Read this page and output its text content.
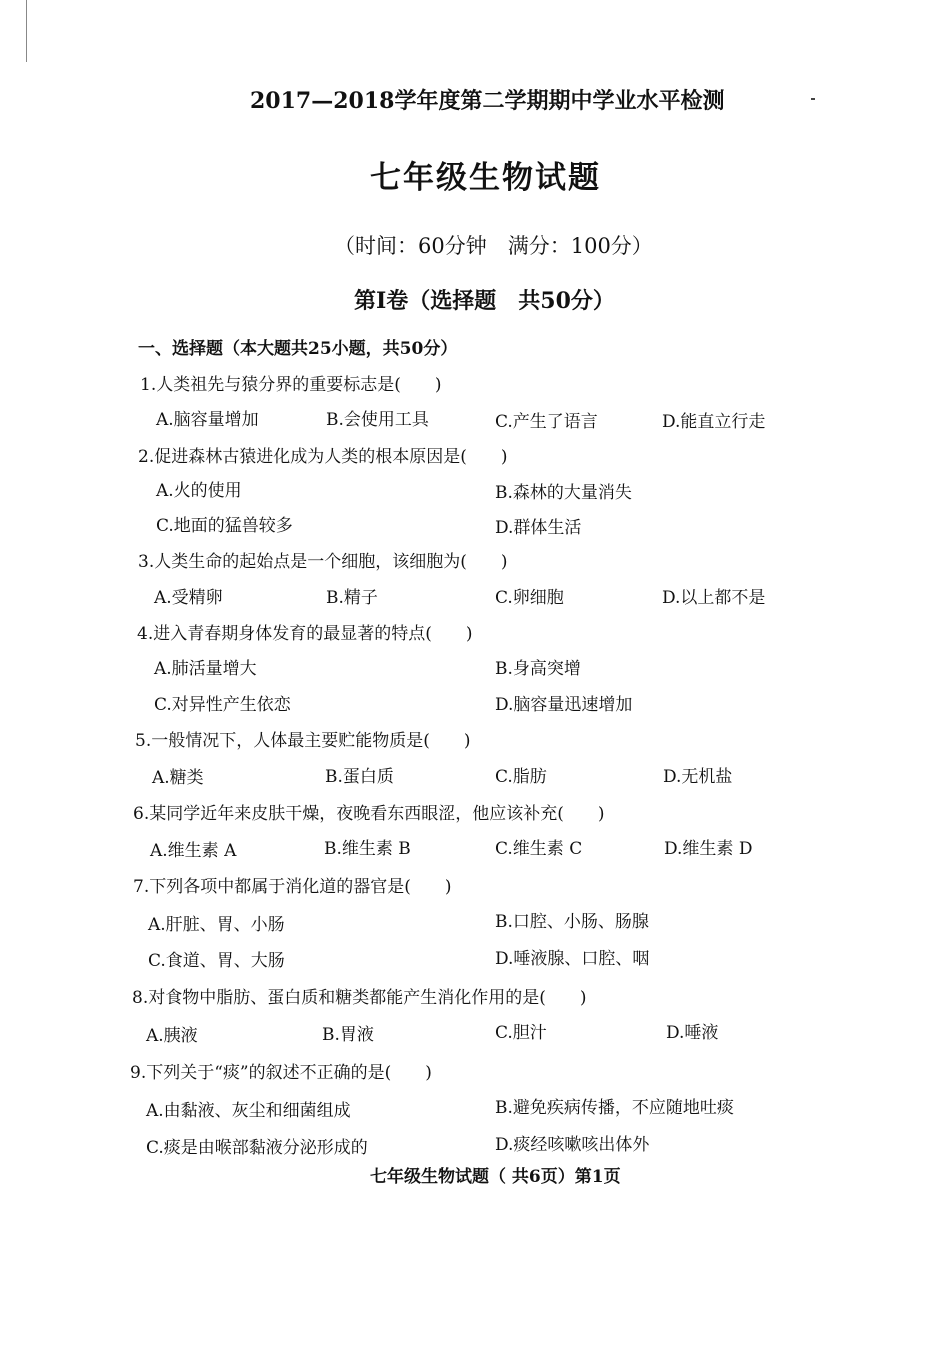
2017—2018学年度第二学期期中学业水平检测
七年级生物试题
（时间：60分钟　满分：100分）
第Ⅰ卷（选择题　共50分）
一、选择题（本大题共25小题，共50分）
1.人类祖先与猿分界的重要标志是(　　)
A.脑容量增加	B.会使用工具	C.产生了语言	D.能直立行走
2.促进森林古猿进化成为人类的根本原因是(　　)
A.火的使用	B.森林的大量消失
C.地面的猛兽较多	D.群体生活
3.人类生命的起始点是一个细胞，该细胞为(　　)
A.受精卵	B.精子	C.卵细胞	D.以上都不是
4.进入青春期身体发育的最显著的特点(　　)
A.肺活量增大	B.身高突增
C.对异性产生依恋	D.脑容量迅速增加
5.一般情况下，人体最主要贮能物质是(　　)
A.糖类	B.蛋白质	C.脂肪	D.无机盐
6.某同学近年来皮肤干燥，夜晚看东西眼涩，他应该补充(　　)
A.维生素 A	B.维生素 B	C.维生素 C	D.维生素 D
7.下列各项中都属于消化道的器官是(　　)
A.肝脏、胃、小肠	B.口腔、小肠、肠腺
C.食道、胃、大肠	D.唾液腺、口腔、咽
8.对食物中脂肪、蛋白质和糖类都能产生消化作用的是(　　)
A.胰液	B.胃液	C.胆汁	D.唾液
9.下列关于“痰”的叙述不正确的是(　　)
A.由黏液、灰尘和细菌组成	B.避免疾病传播，不应随地吐痰
C.痰是由喉部黏液分泌形成的	D.痰经咳嗽咳出体外
七年级生物试题（ 共6页）第1页
